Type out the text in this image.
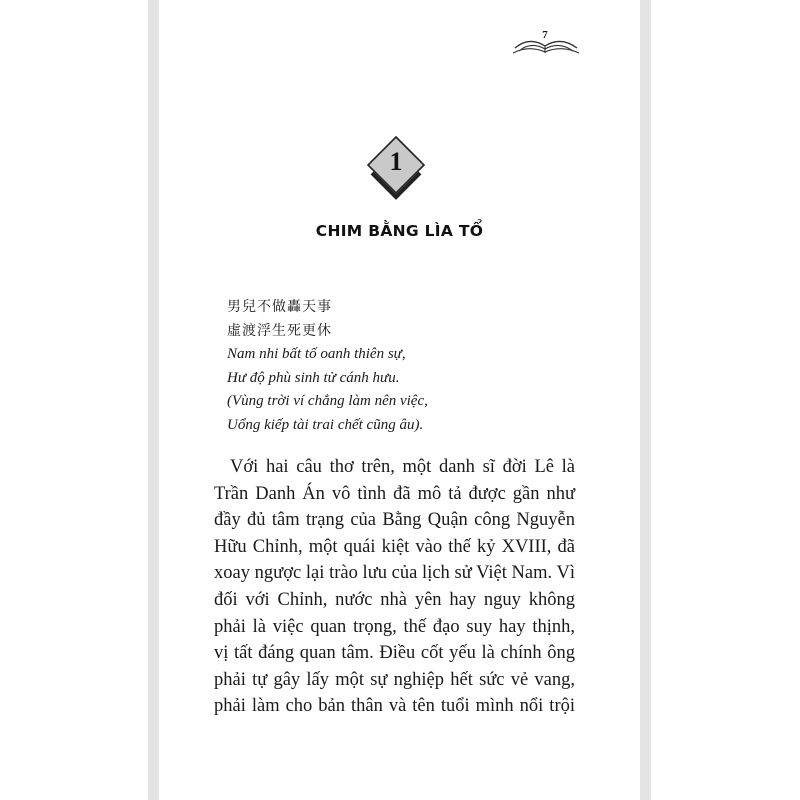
7
1
CHIM BẰNG LÌA TỔ
男兒不做轟天事
虛渡浮生死更休
Nam nhi bất tố oanh thiên sự,
Hư độ phù sinh tử cánh hưu.
(Vùng trời ví chẳng làm nên việc,
Uổng kiếp tài trai chết cũng âu).
Với hai câu thơ trên, một danh sĩ đời Lê là
Trần Danh Án vô tình đã mô tả được gần như
đầy đủ tâm trạng của Bằng Quận công Nguyễn
Hữu Chỉnh, một quái kiệt vào thế kỷ XVIII, đã
xoay ngược lại trào lưu của lịch sử Việt Nam. Vì
đối với Chỉnh, nước nhà yên hay nguy không
phải là việc quan trọng, thế đạo suy hay thịnh,
vị tất đáng quan tâm. Điều cốt yếu là chính ông
phải tự gây lấy một sự nghiệp hết sức vẻ vang,
phải làm cho bản thân và tên tuổi mình nổi trội
